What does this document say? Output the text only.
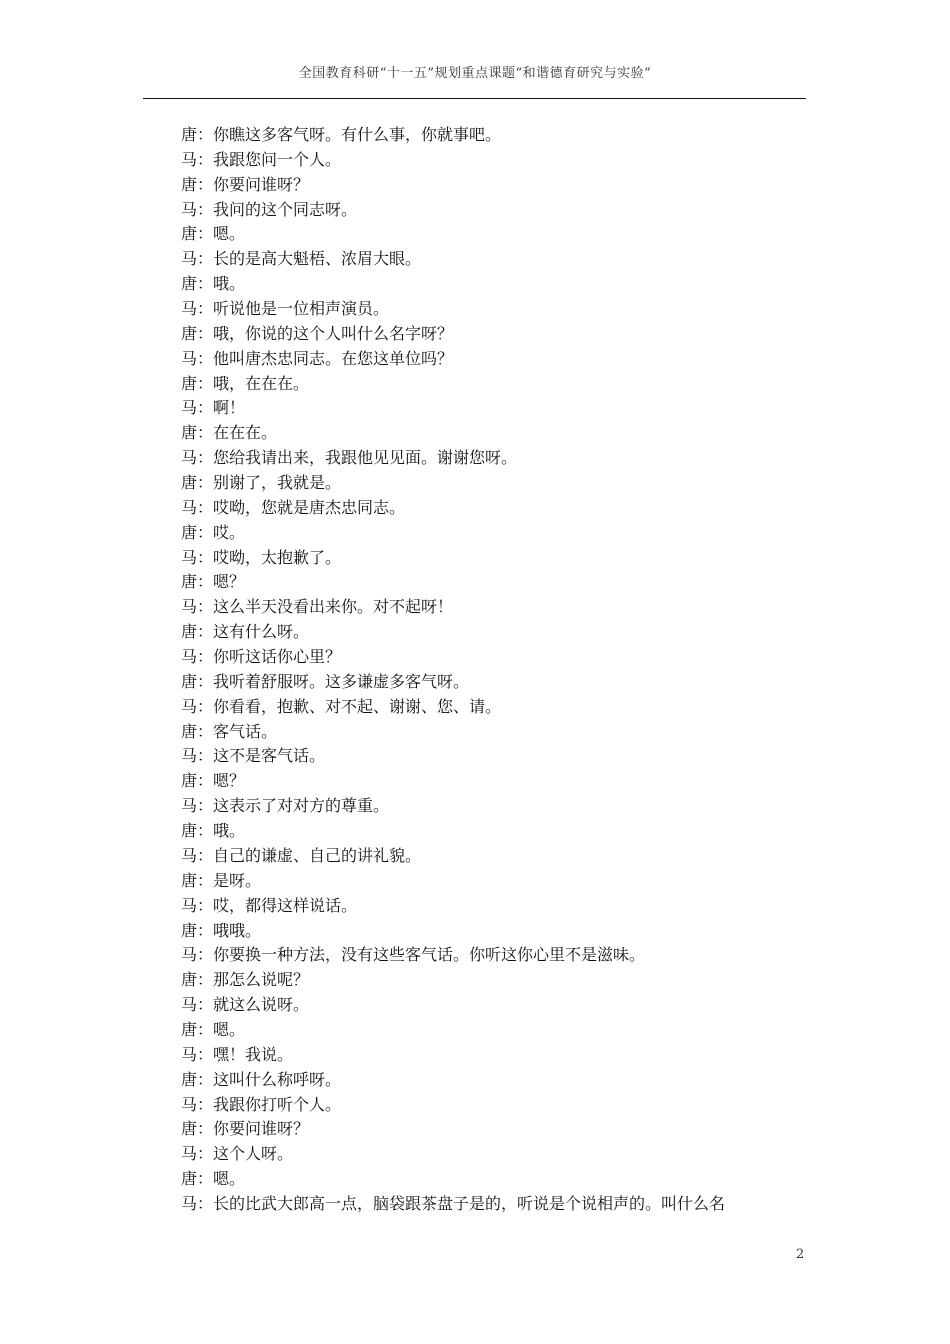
全国教育科研“十一五”规划重点课题“和谐德育研究与实验”
唐：你瞧这多客气呀。有什么事，你就事吧。
马：我跟您问一个人。
唐：你要问谁呀？
马：我问的这个同志呀。
唐：嗯。
马：长的是高大魁梧、浓眉大眼。
唐：哦。
马：听说他是一位相声演员。
唐：哦，你说的这个人叫什么名字呀？
马：他叫唐杰忠同志。在您这单位吗？
唐：哦，在在在。
马：啊！
唐：在在在。
马：您给我请出来，我跟他见见面。谢谢您呀。
唐：别谢了，我就是。
马：哎呦，您就是唐杰忠同志。
唐：哎。
马：哎呦，太抱歉了。
唐：嗯？
马：这么半天没看出来你。对不起呀！
唐：这有什么呀。
马：你听这话你心里？
唐：我听着舒服呀。这多谦虚多客气呀。
马：你看看，抱歉、对不起、谢谢、您、请。
唐：客气话。
马：这不是客气话。
唐：嗯？
马：这表示了对对方的尊重。
唐：哦。
马：自己的谦虚、自己的讲礼貌。
唐：是呀。
马：哎，都得这样说话。
唐：哦哦。
马：你要换一种方法，没有这些客气话。你听这你心里不是滋味。
唐：那怎么说呢？
马：就这么说呀。
唐：嗯。
马：嘿！我说。
唐：这叫什么称呼呀。
马：我跟你打听个人。
唐：你要问谁呀？
马：这个人呀。
唐：嗯。
马：长的比武大郎高一点，脑袋跟茶盘子是的，听说是个说相声的。叫什么名
2
